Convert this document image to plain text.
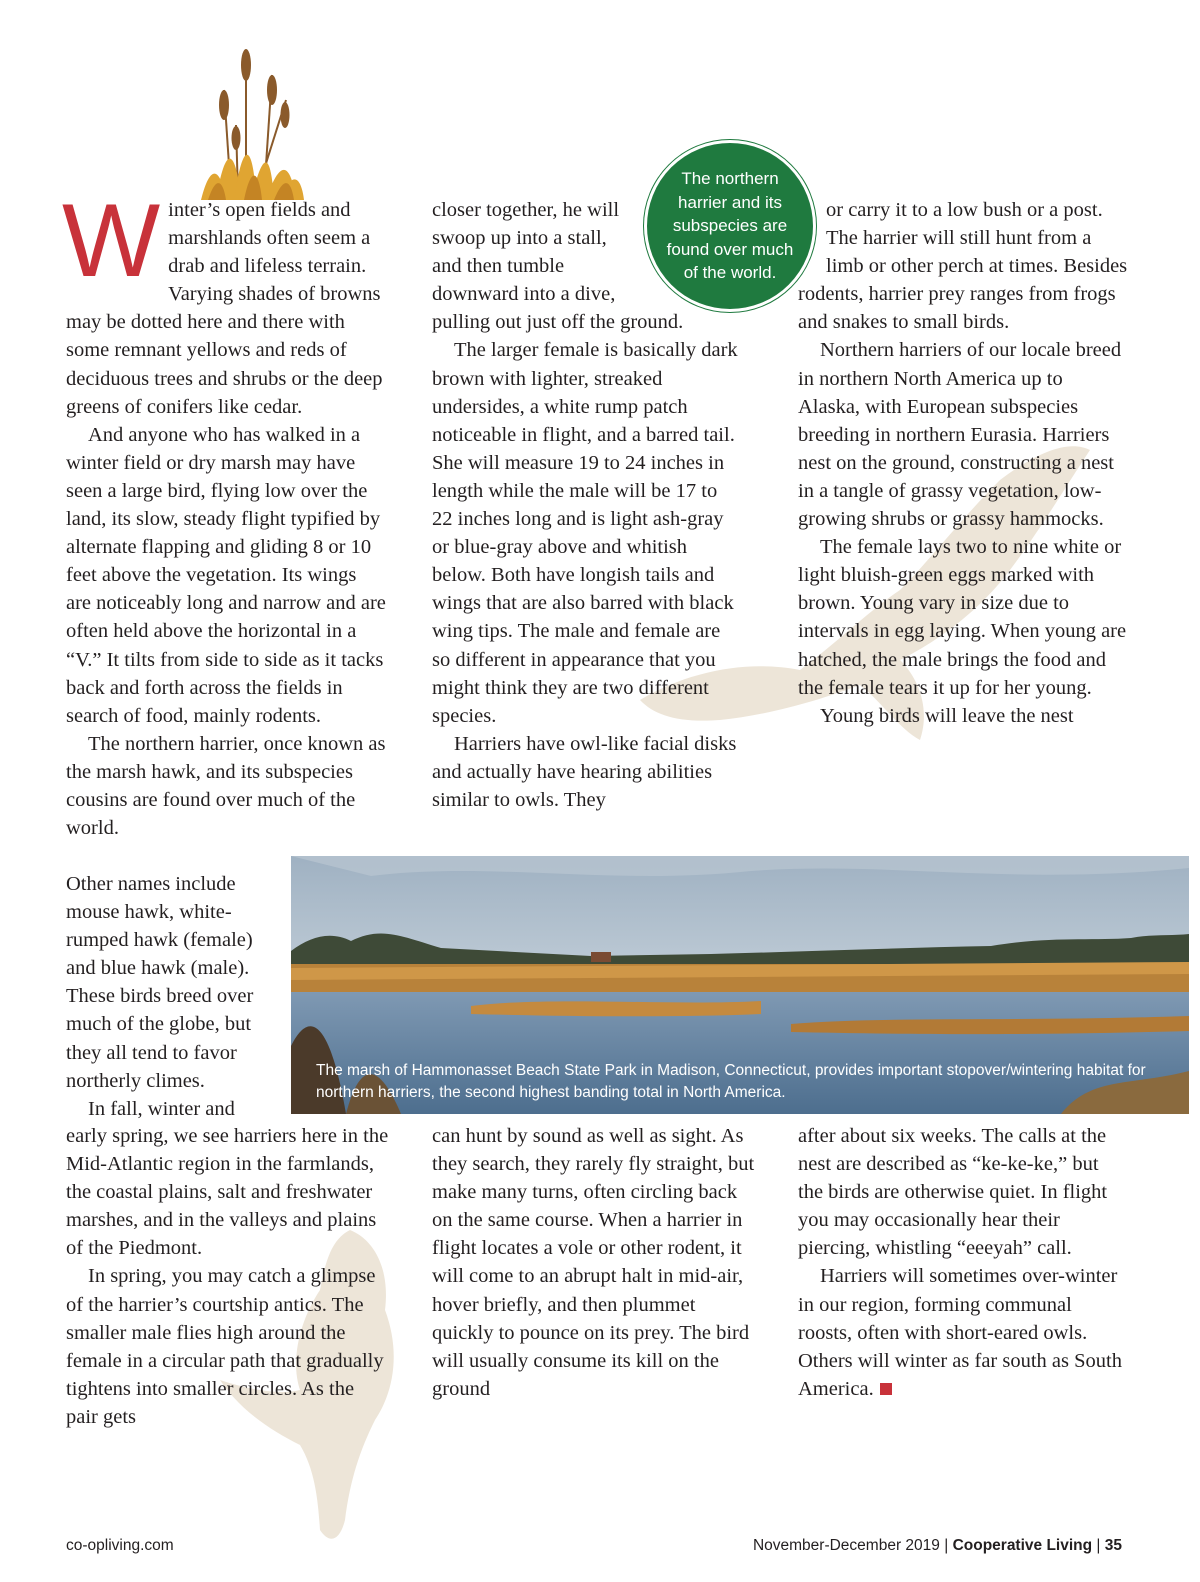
Winter’s open fields and marshlands often seem a drab and lifeless terrain. Varying shades of browns may be dotted here and there with some remnant yellows and reds of deciduous trees and shrubs or the deep greens of conifers like cedar.

And anyone who has walked in a winter field or dry marsh may have seen a large bird, flying low over the land, its slow, steady flight typified by alternate flapping and gliding 8 or 10 feet above the vegetation. Its wings are noticeably long and narrow and are often held above the horizontal in a “V.” It tilts from side to side as it tacks back and forth across the fields in search of food, mainly rodents.

The northern harrier, once known as the marsh hawk, and its subspecies cousins are found over much of the world.

Other names include mouse hawk, white-rumped hawk (female) and blue hawk (male). These birds breed over much of the globe, but they all tend to favor northerly climes.

In fall, winter and

early spring, we see harriers here in the Mid-Atlantic region in the farmlands, the coastal plains, salt and freshwater marshes, and in the valleys and plains of the Piedmont.

In spring, you may catch a glimpse of the harrier’s courtship antics. The smaller male flies high around the female in a circular path that gradually tightens into smaller circles. As the pair gets

closer together, he will swoop up into a stall, and then tumble downward into a dive, pulling out just off the ground.

The larger female is basically dark brown with lighter, streaked undersides, a white rump patch noticeable in flight, and a barred tail. She will measure 19 to 24 inches in length while the male will be 17 to 22 inches long and is light ash-gray or blue-gray above and whitish below. Both have longish tails and wings that are also barred with black wing tips. The male and female are so different in appearance that you might think they are two different species.

Harriers have owl-like facial disks and actually have hearing abilities similar to owls. They

can hunt by sound as well as sight. As they search, they rarely fly straight, but make many turns, often circling back on the same course. When a harrier in flight locates a vole or other rodent, it will come to an abrupt halt in mid-air, hover briefly, and then plummet quickly to pounce on its prey. The bird will usually consume its kill on the ground

or carry it to a low bush or a post. The harrier will still hunt from a limb or other perch at times. Besides rodents, harrier prey ranges from frogs and snakes to small birds.

Northern harriers of our locale breed in northern North America up to Alaska, with European subspecies breeding in northern Eurasia. Harriers nest on the ground, constructing a nest in a tangle of grassy vegetation, low-growing shrubs or grassy hammocks.

The female lays two to nine white or light bluish-green eggs marked with brown. Young vary in size due to intervals in egg laying. When young are hatched, the male brings the food and the female tears it up for her young.

Young birds will leave the nest

after about six weeks. The calls at the nest are described as “ke-ke-ke,” but the birds are otherwise quiet. In flight you may occasionally hear their piercing, whistling “eeeyah” call.

Harriers will sometimes over-winter in our region, forming communal roosts, often with short-eared owls. Others will winter as far south as South America.

The northern harrier and its subspecies are found over much of the world.
The marsh of Hammonasset Beach State Park in Madison, Connecticut, provides important stopover/wintering habitat for northern harriers, the second highest banding total in North America.
co-opliving.com	November-December 2019 | Cooperative Living | 35
